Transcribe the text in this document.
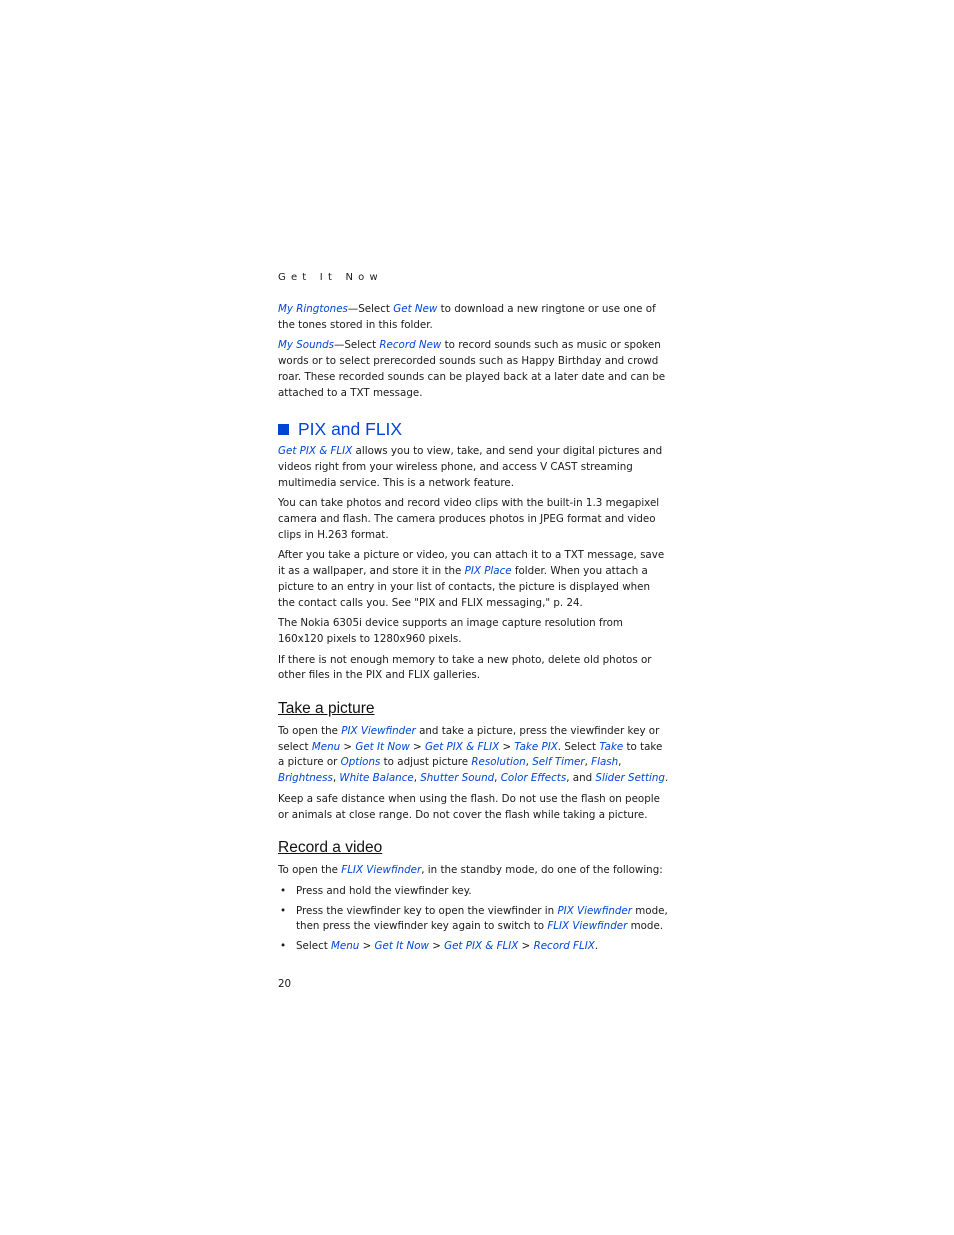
Get It Now

My Ringtones—Select Get New to download a new ringtone or use one of the tones stored in this folder.

My Sounds—Select Record New to record sounds such as music or spoken words or to select prerecorded sounds such as Happy Birthday and crowd roar. These recorded sounds can be played back at a later date and can be attached to a TXT message.

PIX and FLIX

Get PIX & FLIX allows you to view, take, and send your digital pictures and videos right from your wireless phone, and access V CAST streaming multimedia service. This is a network feature.

You can take photos and record video clips with the built-in 1.3 megapixel camera and flash. The camera produces photos in JPEG format and video clips in H.263 format.

After you take a picture or video, you can attach it to a TXT message, save it as a wallpaper, and store it in the PIX Place folder. When you attach a picture to an entry in your list of contacts, the picture is displayed when the contact calls you. See "PIX and FLIX messaging," p. 24.

The Nokia 6305i device supports an image capture resolution from 160x120 pixels to 1280x960 pixels.

If there is not enough memory to take a new photo, delete old photos or other files in the PIX and FLIX galleries.

Take a picture

To open the PIX Viewfinder and take a picture, press the viewfinder key or select Menu > Get It Now > Get PIX & FLIX > Take PIX. Select Take to take a picture or Options to adjust picture Resolution, Self Timer, Flash, Brightness, White Balance, Shutter Sound, Color Effects, and Slider Setting.

Keep a safe distance when using the flash. Do not use the flash on people or animals at close range. Do not cover the flash while taking a picture.

Record a video

To open the FLIX Viewfinder, in the standby mode, do one of the following:

• Press and hold the viewfinder key.
• Press the viewfinder key to open the viewfinder in PIX Viewfinder mode, then press the viewfinder key again to switch to FLIX Viewfinder mode.
• Select Menu > Get It Now > Get PIX & FLIX > Record FLIX.
20
